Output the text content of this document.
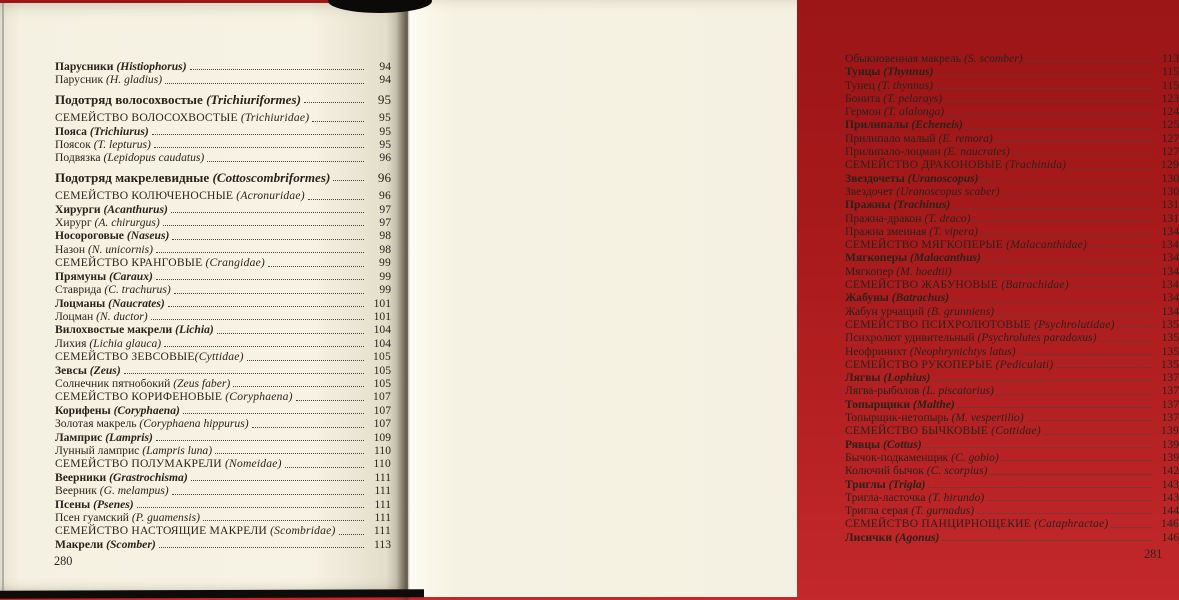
Парусники (Histiophorus)	94
Парусник (H. gladius)	94
Подотряд волосохвостые (Trichiuriformes)	95
СЕМЕЙСТВО ВОЛОСОХВОСТЫЕ (Trichiuridae)	95
Пояса (Trichiurus)	95
Поясок (T. lepturus)	95
Подвязка (Lepidopus caudatus)	96
Подотряд макрелевидные (Cottoscombriformes)	96
СЕМЕЙСТВО КОЛЮЧЕНОСНЫЕ (Acronuridae)	96
Хирурги (Acanthurus)	97
Хирург (A. chirurgus)	97
Носороговые (Naseus)	98
Назон (N. unicornis)	98
СЕМЕЙСТВО КРАНГОВЫЕ (Crangidae)	99
Прямуны (Caraux)	99
Ставрида (C. trachurus)	99
Лоцманы (Naucrates)	101
Лоцман (N. ductor)	101
Вилохвостые макрели (Lichia)	104
Лихия (Lichia glauca)	104
СЕМЕЙСТВО ЗЕВСОВЫЕ(Cyttidae)	105
Зевсы (Zeus)	105
Солнечник пятнобокий (Zeus faber)	105
СЕМЕЙСТВО КОРИФЕНОВЫЕ (Coryphaena)	107
Корифены (Coryphaena)	107
Золотая макрель (Coryphaena hippurus)	107
Ламприс (Lampris)	109
Лунный ламприс (Lampris luna)	110
СЕМЕЙСТВО ПОЛУМАКРЕЛИ (Nomeidae)	110
Веерники (Grastrochisma)	111
Веерник (G. melampus)	111
Псены (Psenes)	111
Псен гуамский (P. guamensis)	111
СЕМЕЙСТВО НАСТОЯЩИЕ МАКРЕЛИ (Scombridae)	111
Макрели (Scomber)	113
280
Обыкновенная макрель (S. scomber)	113
Тунцы (Thynnus)	115
Тунец (T. thynnus)	115
Бонита (T. pelarays)	123
Гермон (T. alalonga)	124
Прилипалы (Echeneis)	125
Прилипало малый (E. remora)	127
Прилипало-лоцман (E. naucrates)	127
СЕМЕЙСТВО ДРАКОНОВЫЕ (Trachinida)	129
Звездочеты (Uranoscopus)	130
Звездочет (Uranoscopus scaber)	130
Пражны (Trachinus)	131
Пражна-дракон (T. draco)	131
Пражна змеиная (T. vipera)	134
СЕМЕЙСТВО МЯГКОПЕРЫЕ (Malacanthidae)	134
Мягкоперы (Malacanthus)	134
Мягкопер (M. hoedtii)	134
СЕМЕЙСТВО ЖАБУНОВЫЕ (Batrachidae)	134
Жабуны (Batrachus)	134
Жабун урчащий (B. grunniens)	134
СЕМЕЙСТВО ПСИХРОЛЮТОВЫЕ (Psychrolutidae)	135
Психролют удивительный (Psychrolutes paradoxus)	135
Неофринихт (Neophrynichtys latus)	135
СЕМЕЙСТВО РУКОПЕРЫЕ (Pediculati)	135
Лягвы (Lophius)	137
Лягва-рыболов (L. piscatorius)	137
Топырщики (Malthe)	137
Топырщик-нетопырь (M. vespertilio)	137
СЕМЕЙСТВО БЫЧКОВЫЕ (Cottidae)	139
Рявцы (Cottus)	139
Бычок-подкаменщик (C. gobio)	139
Колючий бычок (C. scorpius)	142
Триглы (Trigla)	143
Тригла-ласточка (T. hirundo)	143
Тригла серая (T. gurnadus)	144
СЕМЕЙСТВО ПАНЦИРНОЩЕКИЕ (Cataphractae)	146
Лисички (Agonus)	146
281
